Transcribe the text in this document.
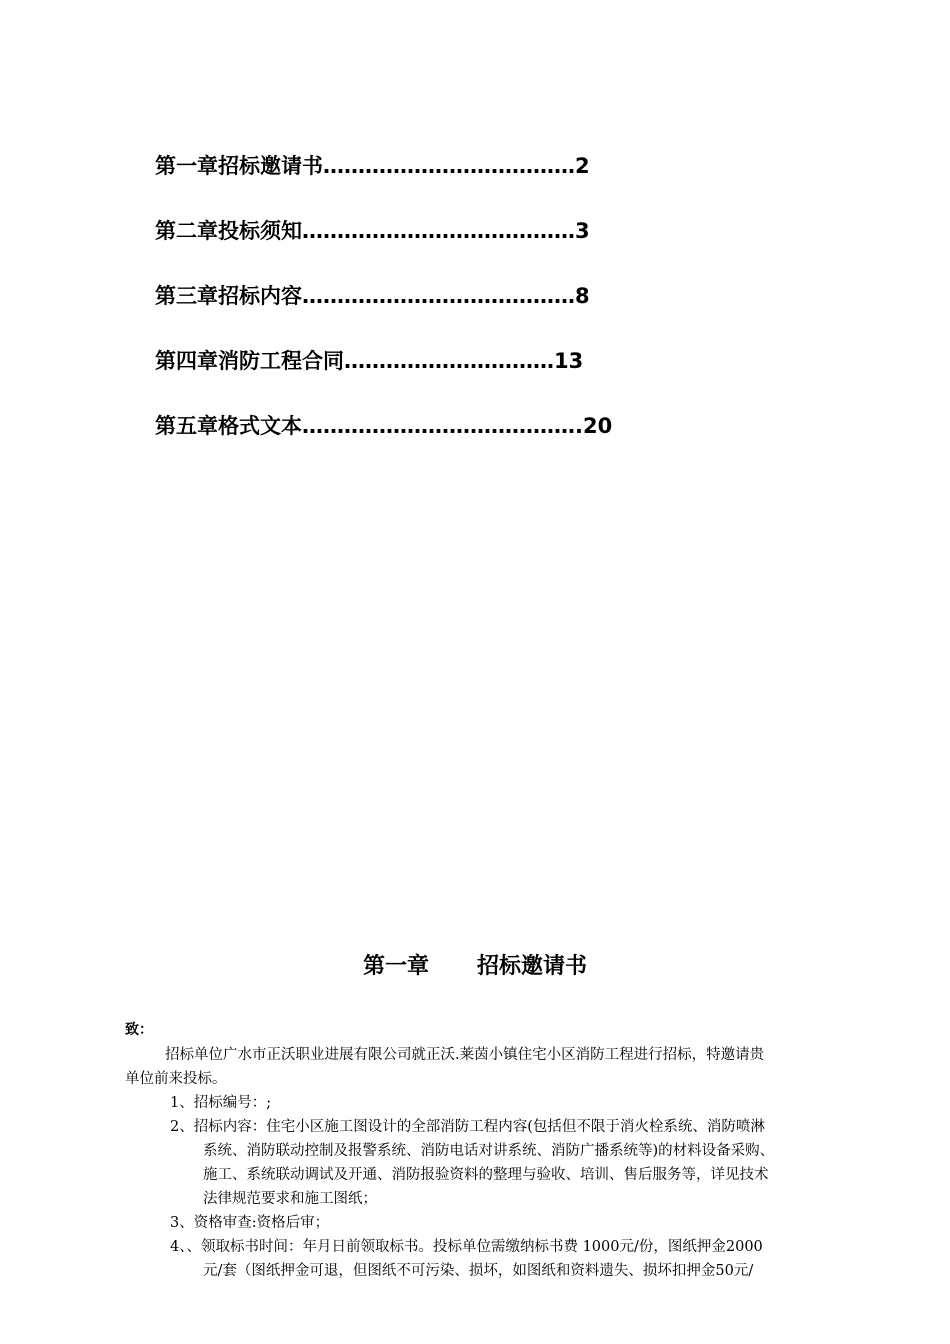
第一章招标邀请书………………………………2
第二章投标须知…………………………………3
第三章招标内容…………………………………8
第四章消防工程合同…………………………13
第五章格式文本………………………………….20
第一章 招标邀请书
致：
招标单位广水市正沃职业进展有限公司就正沃.莱茵小镇住宅小区消防工程进行招标，特邀请贵
单位前来投标。
1、招标编号：;
2、招标内容：住宅小区施工图设计的全部消防工程内容(包括但不限于消火栓系统、消防喷淋
系统、消防联动控制及报警系统、消防电话对讲系统、消防广播系统等)的材料设备采购、
施工、系统联动调试及开通、消防报验资料的整理与验收、培训、售后服务等，详见技术
法律规范要求和施工图纸；
3、资格审查:资格后审；
4、、领取标书时间：年月日前领取标书。投标单位需缴纳标书费 1000元/份，图纸押金2000
元/套（图纸押金可退，但图纸不可污染、损坏，如图纸和资料遗失、损坏扣押金50元/
